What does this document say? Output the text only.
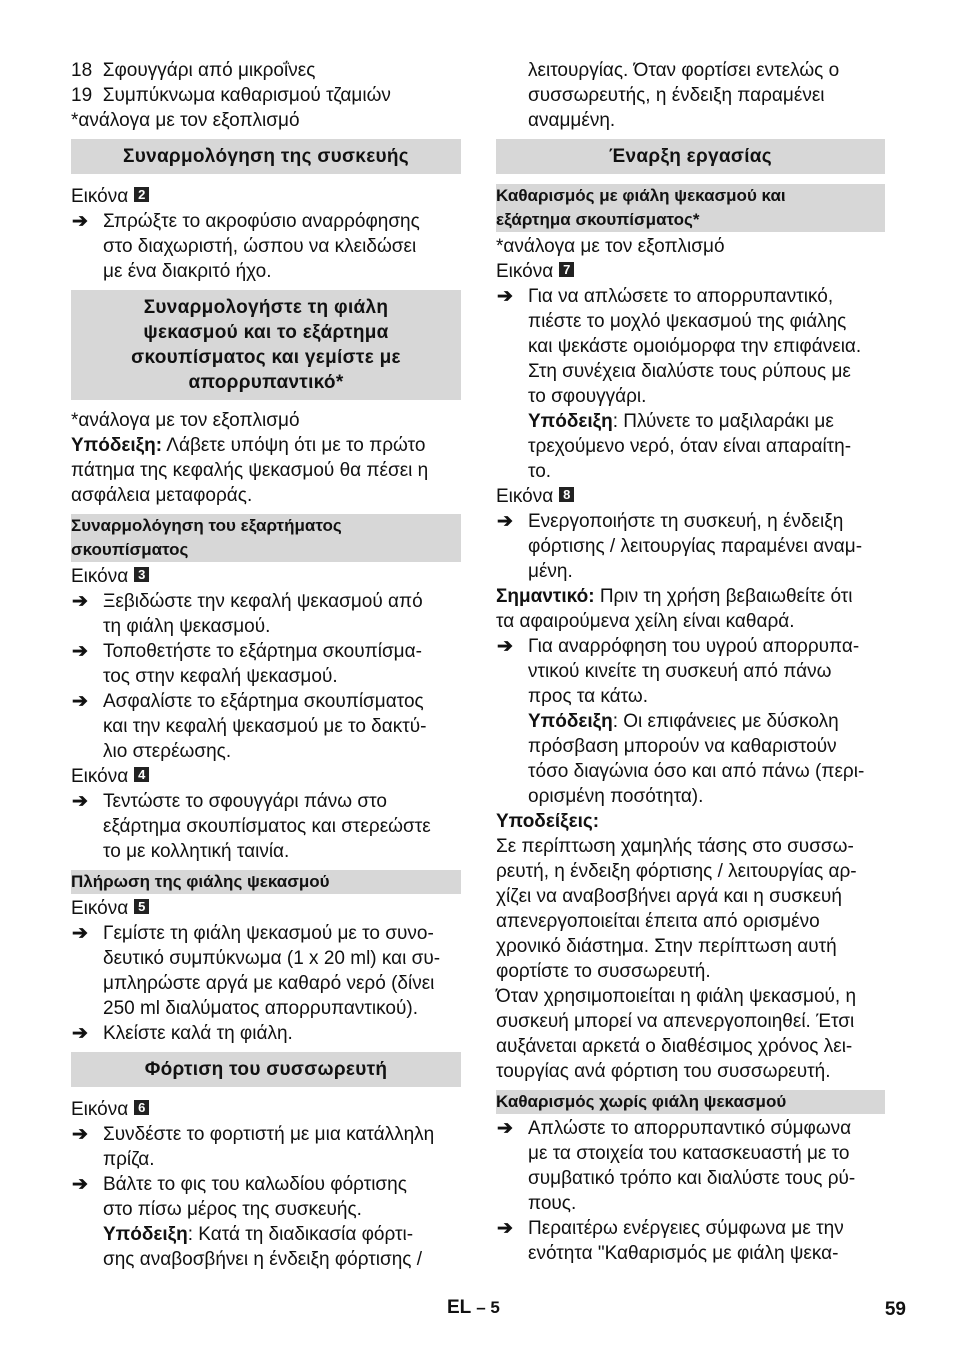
18 Σφουγγάρι από μικροΐνες
19 Συμπύκνωμα καθαρισμού τζαμιών
*ανάλογα με τον εξοπλισμό
Συναρμολόγηση της συσκευής
Εικόνα 2
➔ Σπρώξτε το ακροφύσιο αναρρόφησης
στο διαχωριστή, ώσπου να κλειδώσει
με ένα διακριτό ήχο.
Συναρμολογήστε τη φιάλη
ψεκασμού και το εξάρτημα
σκουπίσματος και γεμίστε με
απορρυπαντικό*
*ανάλογα με τον εξοπλισμό
Υπόδειξη: Λάβετε υπόψη ότι με το πρώτο
πάτημα της κεφαλής ψεκασμού θα πέσει η
ασφάλεια μεταφοράς.
Συναρμολόγηση του εξαρτήματος
σκουπίσματος
Εικόνα 3
➔ Ξεβιδώστε την κεφαλή ψεκασμού από
τη φιάλη ψεκασμού.
➔ Τοποθετήστε το εξάρτημα σκουπίσμα-
τος στην κεφαλή ψεκασμού.
➔ Ασφαλίστε το εξάρτημα σκουπίσματος
και την κεφαλή ψεκασμού με το δακτύ-
λιο στερέωσης.
Εικόνα 4
➔ Τεντώστε το σφουγγάρι πάνω στο
εξάρτημα σκουπίσματος και στερεώστε
το με κολλητική ταινία.
Πλήρωση της φιάλης ψεκασμού
Εικόνα 5
➔ Γεμίστε τη φιάλη ψεκασμού με το συνο-
δευτικό συμπύκνωμα (1 x 20 ml) και συ-
μπληρώστε αργά με καθαρό νερό (δίνει
250 ml διαλύματος απορρυπαντικού).
➔ Κλείστε καλά τη φιάλη.
Φόρτιση του συσσωρευτή
Εικόνα 6
➔ Συνδέστε το φορτιστή με μια κατάλληλη
πρίζα.
➔ Βάλτε το φις του καλωδίου φόρτισης
στο πίσω μέρος της συσκευής.
Υπόδειξη: Κατά τη διαδικασία φόρτι-
σης αναβοσβήνει η ένδειξη φόρτισης /
λειτουργίας. Όταν φορτίσει εντελώς ο
συσσωρευτής, η ένδειξη παραμένει
αναμμένη.
Έναρξη εργασίας
Καθαρισμός με φιάλη ψεκασμού και
εξάρτημα σκουπίσματος*
*ανάλογα με τον εξοπλισμό
Εικόνα 7
➔ Για να απλώσετε το απορρυπαντικό,
πιέστε το μοχλό ψεκασμού της φιάλης
και ψεκάστε ομοιόμορφα την επιφάνεια.
Στη συνέχεια διαλύστε τους ρύπους με
το σφουγγάρι.
Υπόδειξη: Πλύνετε το μαξιλαράκι με
τρεχούμενο νερό, όταν είναι απαραίτη-
το.
Εικόνα 8
➔ Ενεργοποιήστε τη συσκευή, η ένδειξη
φόρτισης / λειτουργίας παραμένει αναμ-
μένη.
Σημαντικό: Πριν τη χρήση βεβαιωθείτε ότι
τα αφαιρούμενα χείλη είναι καθαρά.
➔ Για αναρρόφηση του υγρού απορρυπα-
ντικού κινείτε τη συσκευή από πάνω
προς τα κάτω.
Υπόδειξη: Οι επιφάνειες με δύσκολη
πρόσβαση μπορούν να καθαριστούν
τόσο διαγώνια όσο και από πάνω (περι-
ορισμένη ποσότητα).
Υποδείξεις:
Σε περίπτωση χαμηλής τάσης στο συσσω-
ρευτή, η ένδειξη φόρτισης / λειτουργίας αρ-
χίζει να αναβοσβήνει αργά και η συσκευή
απενεργοποιείται έπειτα από ορισμένο
χρονικό διάστημα. Στην περίπτωση αυτή
φορτίστε το συσσωρευτή.
Όταν χρησιμοποιείται η φιάλη ψεκασμού, η
συσκευή μπορεί να απενεργοποιηθεί. Έτσι
αυξάνεται αρκετά ο διαθέσιμος χρόνος λει-
τουργίας ανά φόρτιση του συσσωρευτή.
Καθαρισμός χωρίς φιάλη ψεκασμού
➔ Απλώστε το απορρυπαντικό σύμφωνα
με τα στοιχεία του κατασκευαστή με το
συμβατικό τρόπο και διαλύστε τους ρύ-
πους.
➔ Περαιτέρω ενέργειες σύμφωνα με την
ενότητα "Καθαρισμός με φιάλη ψεκα-
EL – 5	59
